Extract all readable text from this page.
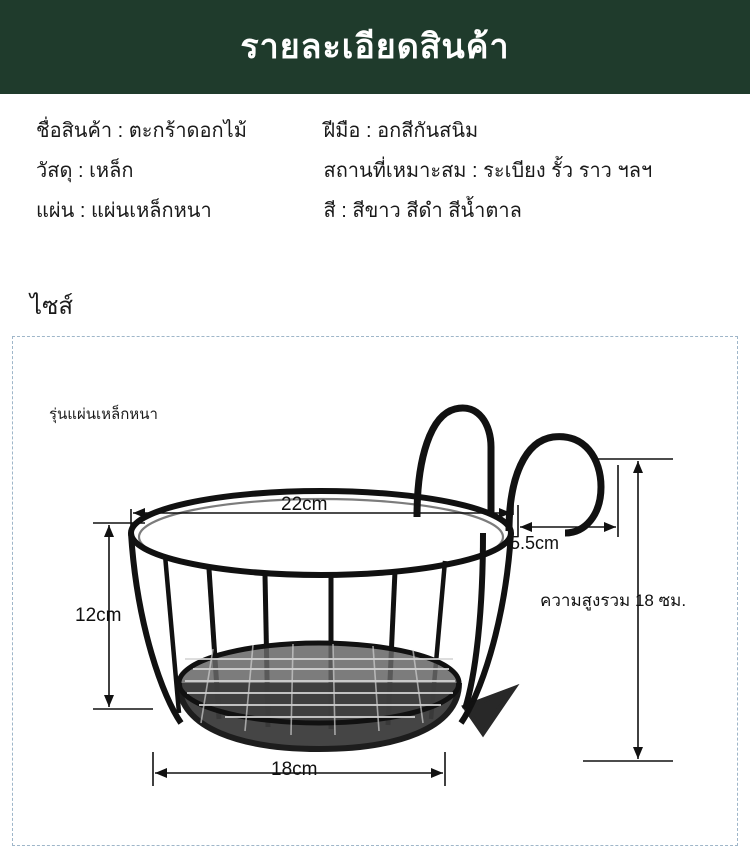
รายละเอียดสินค้า
ชื่อสินค้า : ตะกร้าดอกไม้
วัสดุ : เหล็ก
แผ่น : แผ่นเหล็กหนา
ฝีมือ : อกสีกันสนิม
สถานที่เหมาะสม : ระเบียง รั้ว ราว ฯลฯ
สี : สีขาว สีดำ สีน้ำตาล
ไซส์
รุ่นแผ่นเหล็กหนา
22cm
5.5cm
12cm
18cm
ความสูงรวม 18 ซม.
